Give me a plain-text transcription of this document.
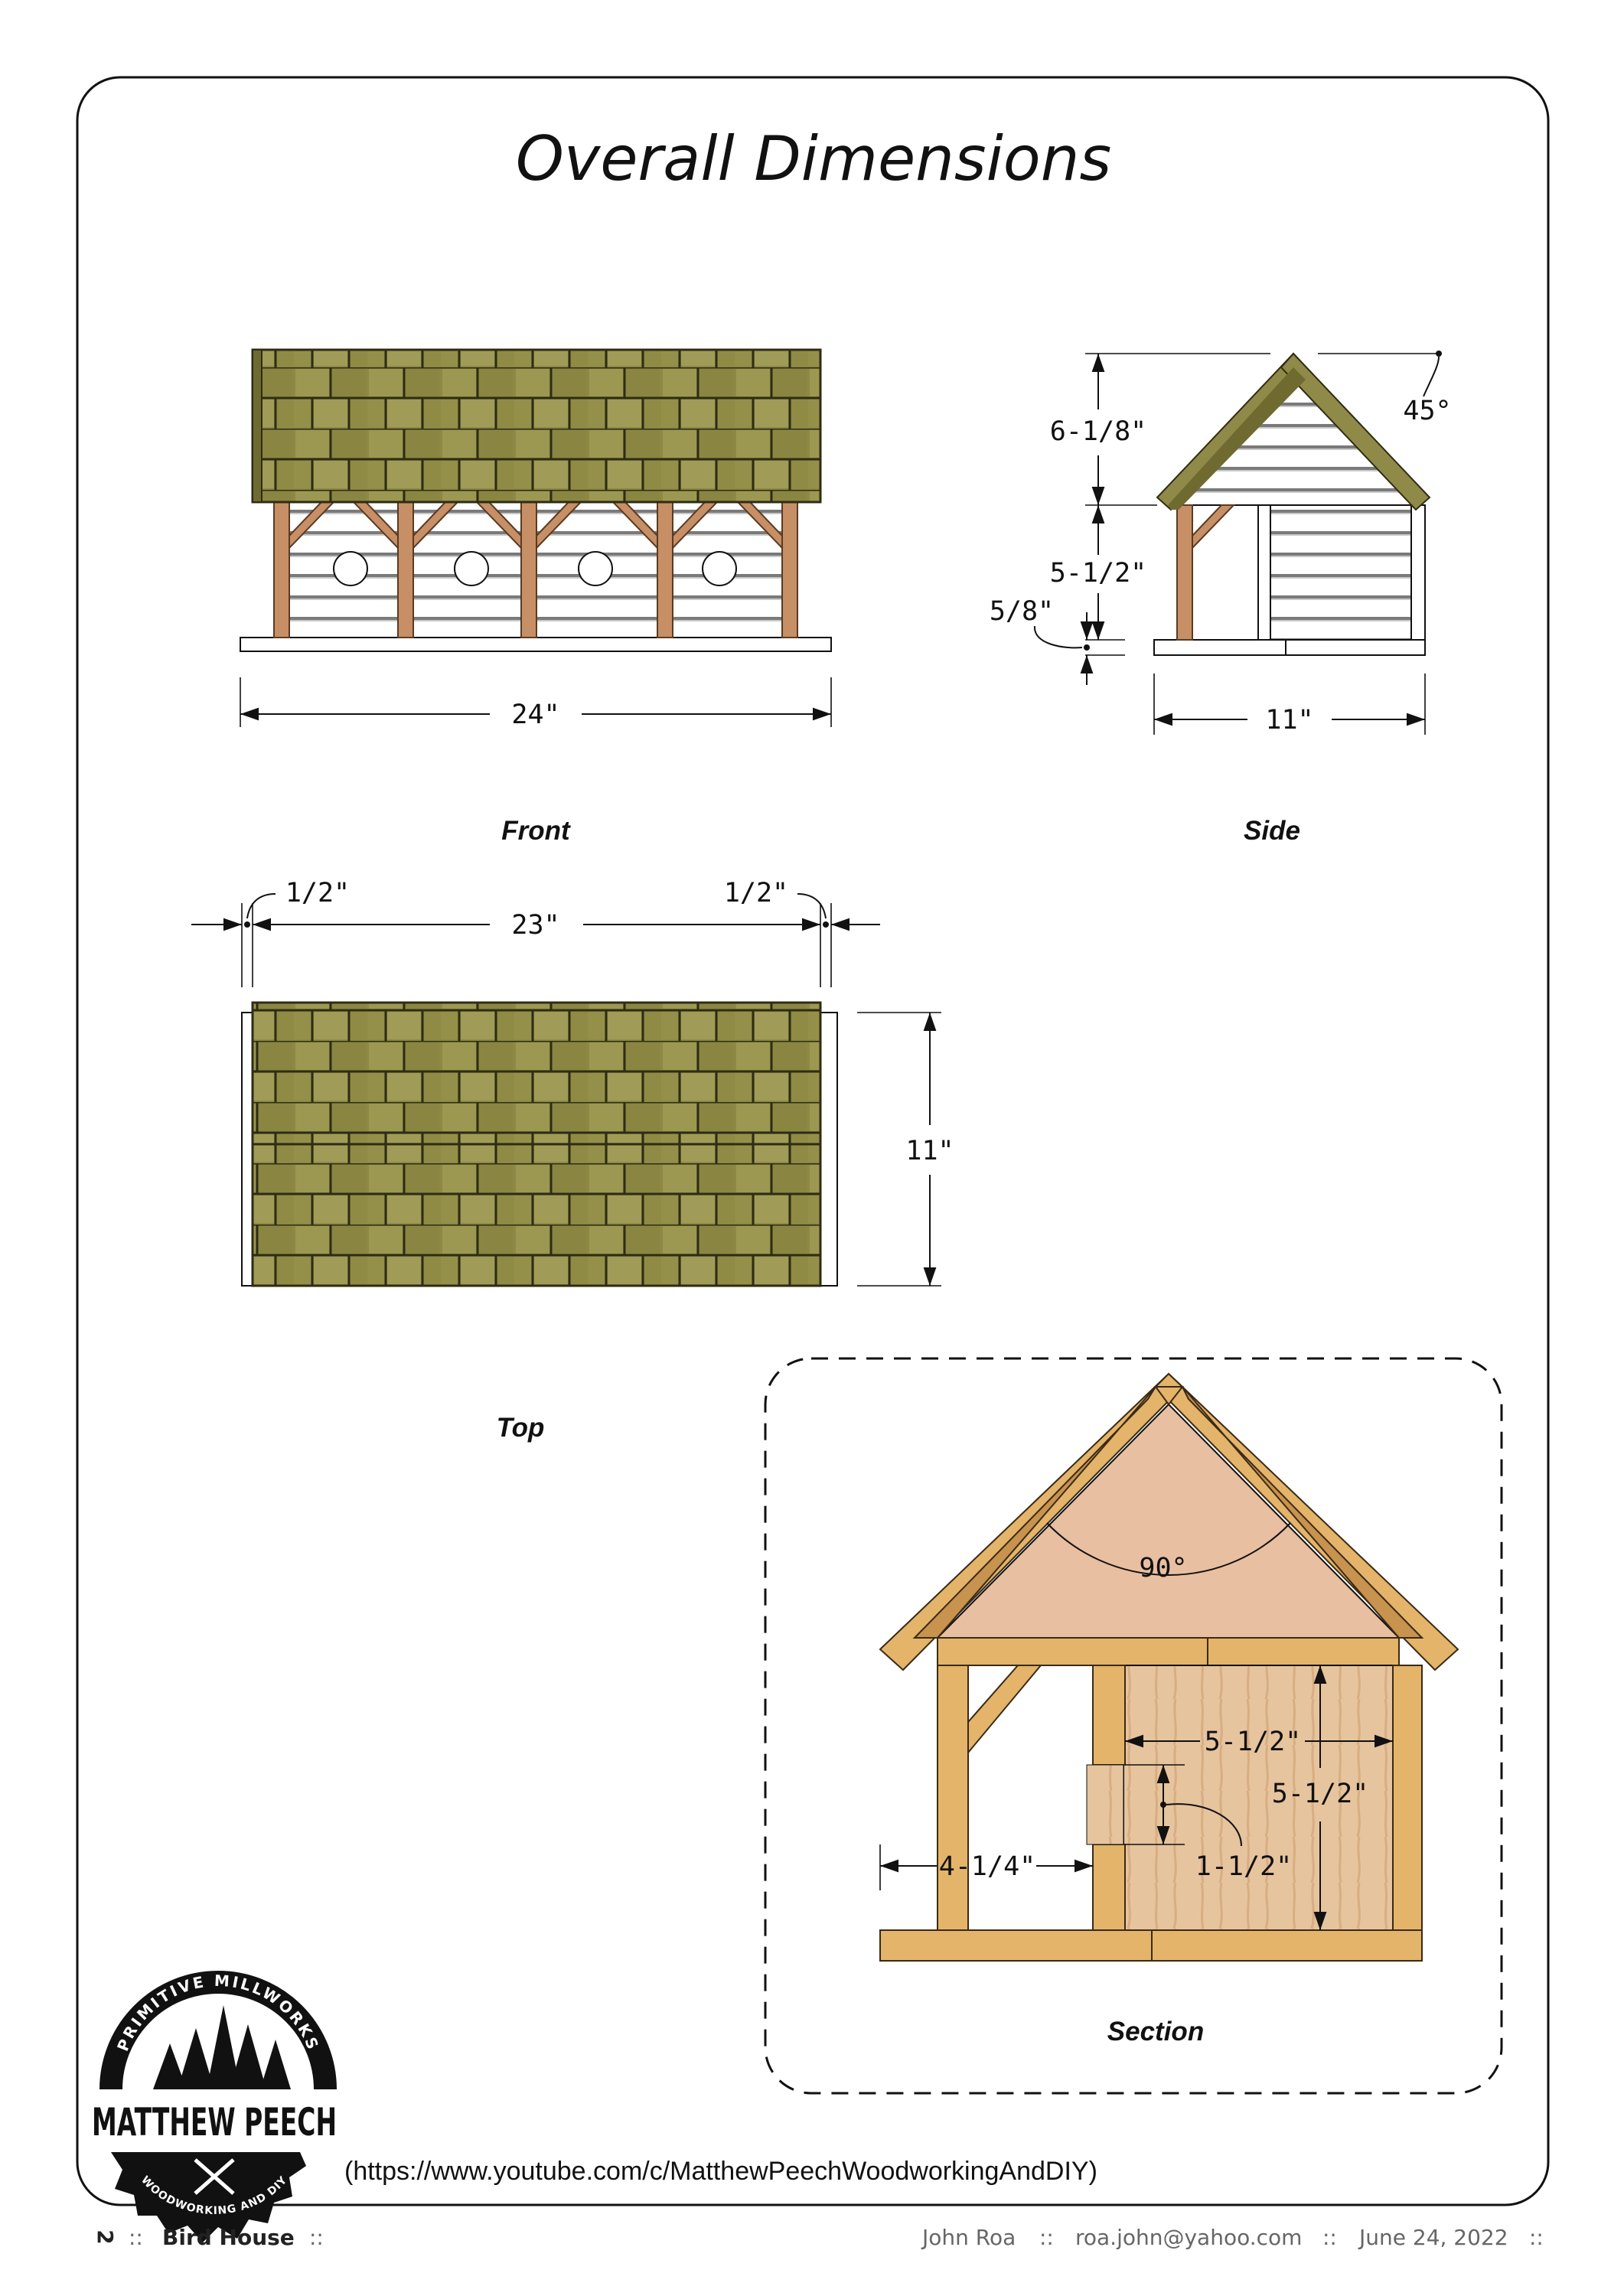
Overall Dimensions
24"
Front
6-1/8"
5-1/2"
5/8"
45°
11"
Side
1/2"	1/2"
23"
11"
Top
90°
5-1/2"
5-1/2"
1-1/2"
4-1/4"
Section
PRIMITIVE MILLWORKS
MATTHEW PEECH
WOODWORKING AND DIY (https://www.youtube.com/c/MatthewPeechWoodworkingAndDIY)
2 :: Bird House ::	John Roa :: roa.john@yahoo.com :: June 24, 2022 ::
